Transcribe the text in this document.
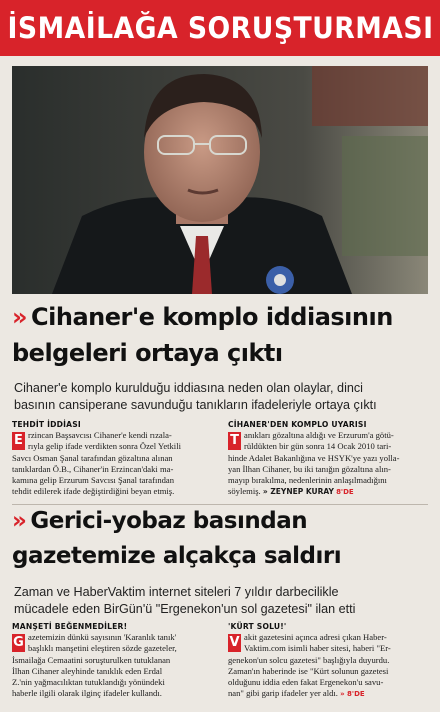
İSMAİLAĞA SORUŞTURMASI
» Cihaner'e komplo iddiasının
belgeleri ortaya çıktı
Cihaner'e komplo kurulduğu iddiasına neden olan olaylar, dinci
basının cansiperane savunduğu tanıkların ifadeleriyle ortaya çıktı
TEHDİT İDDİASI
E rzincan Başsavcısı Cihaner'e kendi rızala-
rıyla gelip ifade verdikten sonra Özel Yetkili
Savcı Osman Şanal tarafından gözaltına alınan
tanıklardan Ö.B., Cihaner'in Erzincan'daki ma-
kamına gelip Erzurum Savcısı Şanal tarafından
tehdit edilerek ifade değiştirdiğini beyan etmiş.
CİHANER'DEN KOMPLO UYARISI
T anıkları gözaltına aldığı ve Erzurum'a götü-
rüldükten bir gün sonra 14 Ocak 2010 tari-
hinde Adalet Bakanlığına ve HSYK'ye yazı yolla-
yan İlhan Cihaner, bu iki tanığın gözaltına alın-
mayıp bırakılma, nedenlerinin anlaşılmadığını
söylemiş. » ZEYNEP KURAY 8'DE
» Gerici-yobaz basından
gazetemize alçakça saldırı
Zaman ve HaberVaktim internet siteleri 7 yıldır darbecilikle
mücadele eden BirGün'ü "Ergenekon'un sol gazetesi" ilan etti
MANŞETİ BEĞENMEDİLER!
G azetemizin dünkü sayısının 'Karanlık tanık'
başlıklı manşetini eleştiren sözde gazeteler,
İsmailağa Cemaatini soruşturulken tutuklanan
İlhan Cihaner aleyhinde tanıklık eden Erdal
Z.'nin yağmacılıktan tutuklandığı yönündeki
haberle ilgili olarak ilginç ifadeler kullandı.
'KÜRT SOLU!'
V akit gazetesini açınca adresi çıkan Haber-
Vaktim.com isimli haber sitesi, haberi "Er-
genekon'un solcu gazetesi" başlığıyla duyurdu.
Zaman'ın haberinde ise "Kürt solunun gazetesi
olduğunu iddia eden fakat Ergenekon'u savu-
nan" gibi garip ifadeler yer aldı. » 8'DE
